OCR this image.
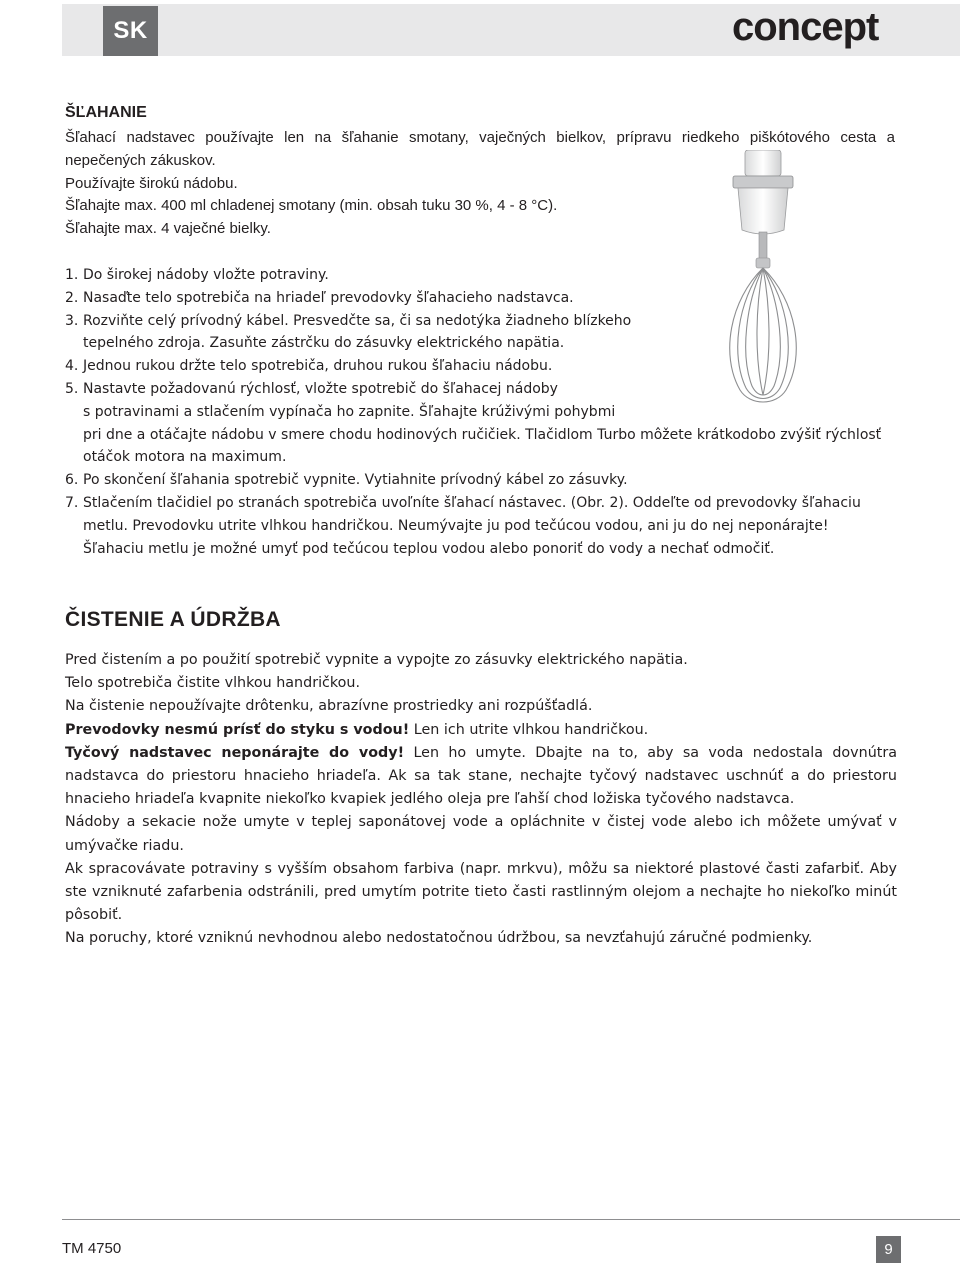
SK	concept
ŠĽAHANIE

Šľahací nadstavec používajte len na šľahanie smotany, vaječných bielkov, prípravu riedkeho piškótového cesta a nepečených zákuskov.

Používajte širokú nádobu.

Šľahajte max. 400 ml chladenej smotany (min. obsah tuku 30 %, 4 - 8 °C).

Šľahajte max. 4 vaječné bielky.

1. Do širokej nádoby vložte potraviny.
2. Nasaďte telo spotrebiča na hriadeľ prevodovky šľahacieho nadstavca.
3. Rozviňte celý prívodný kábel. Presvedčte sa, či sa nedotýka žiadneho blízkeho
tepelného zdroja. Zasuňte zástrčku do zásuvky elektrického napätia.
4. Jednou rukou držte telo spotrebiča, druhou rukou šľahaciu nádobu.
5. Nastavte požadovanú rýchlosť, vložte spotrebič do šľahacej nádoby
s potravinami a stlačením vypínača ho zapnite. Šľahajte krúživými pohybmi
pri dne a otáčajte nádobu v smere chodu hodinových ručičiek. Tlačidlom Turbo môžete krátkodobo zvýšiť rýchlosť
otáčok motora na maximum.
6. Po skončení šľahania spotrebič vypnite. Vytiahnite prívodný kábel zo zásuvky.
7. Stlačením tlačidiel po stranách spotrebiča uvoľníte šľahací nástavec. (Obr. 2). Oddeľte od prevodovky šľahaciu
metlu. Prevodovku utrite vlhkou handričkou. Neumývajte ju pod tečúcou vodou, ani ju do nej neponárajte!
Šľahaciu metlu je možné umyť pod tečúcou teplou vodou alebo ponoriť do vody a nechať odmočiť.
ČISTENIE A ÚDRŽBA

Pred čistením a po použití spotrebič vypnite a vypojte zo zásuvky elektrického napätia.

Telo spotrebiča čistite vlhkou handričkou.

Na čistenie nepoužívajte drôtenku, abrazívne prostriedky ani rozpúšťadlá.

Prevodovky nesmú prísť do styku s vodou! Len ich utrite vlhkou handričkou.

Tyčový nadstavec neponárajte do vody! Len ho umyte. Dbajte na to, aby sa voda nedostala dovnútra nadstavca do priestoru hnacieho hriadeľa. Ak sa tak stane, nechajte tyčový nadstavec uschnúť a do priestoru hnacieho hriadeľa kvapnite niekoľko kvapiek jedlého oleja pre ľahší chod ložiska tyčového nadstavca.

Nádoby a sekacie nože umyte v teplej saponátovej vode a opláchnite v čistej vode alebo ich môžete umývať v umývačke riadu.

Ak spracovávate potraviny s vyšším obsahom farbiva (napr. mrkvu), môžu sa niektoré plastové časti zafarbiť. Aby ste vzniknuté zafarbenia odstránili, pred umytím potrite tieto časti rastlinným olejom a nechajte ho niekoľko minút pôsobiť.

Na poruchy, ktoré vzniknú nevhodnou alebo nedostatočnou údržbou, sa nevzťahujú záručné podmienky.

TM 4750	9
